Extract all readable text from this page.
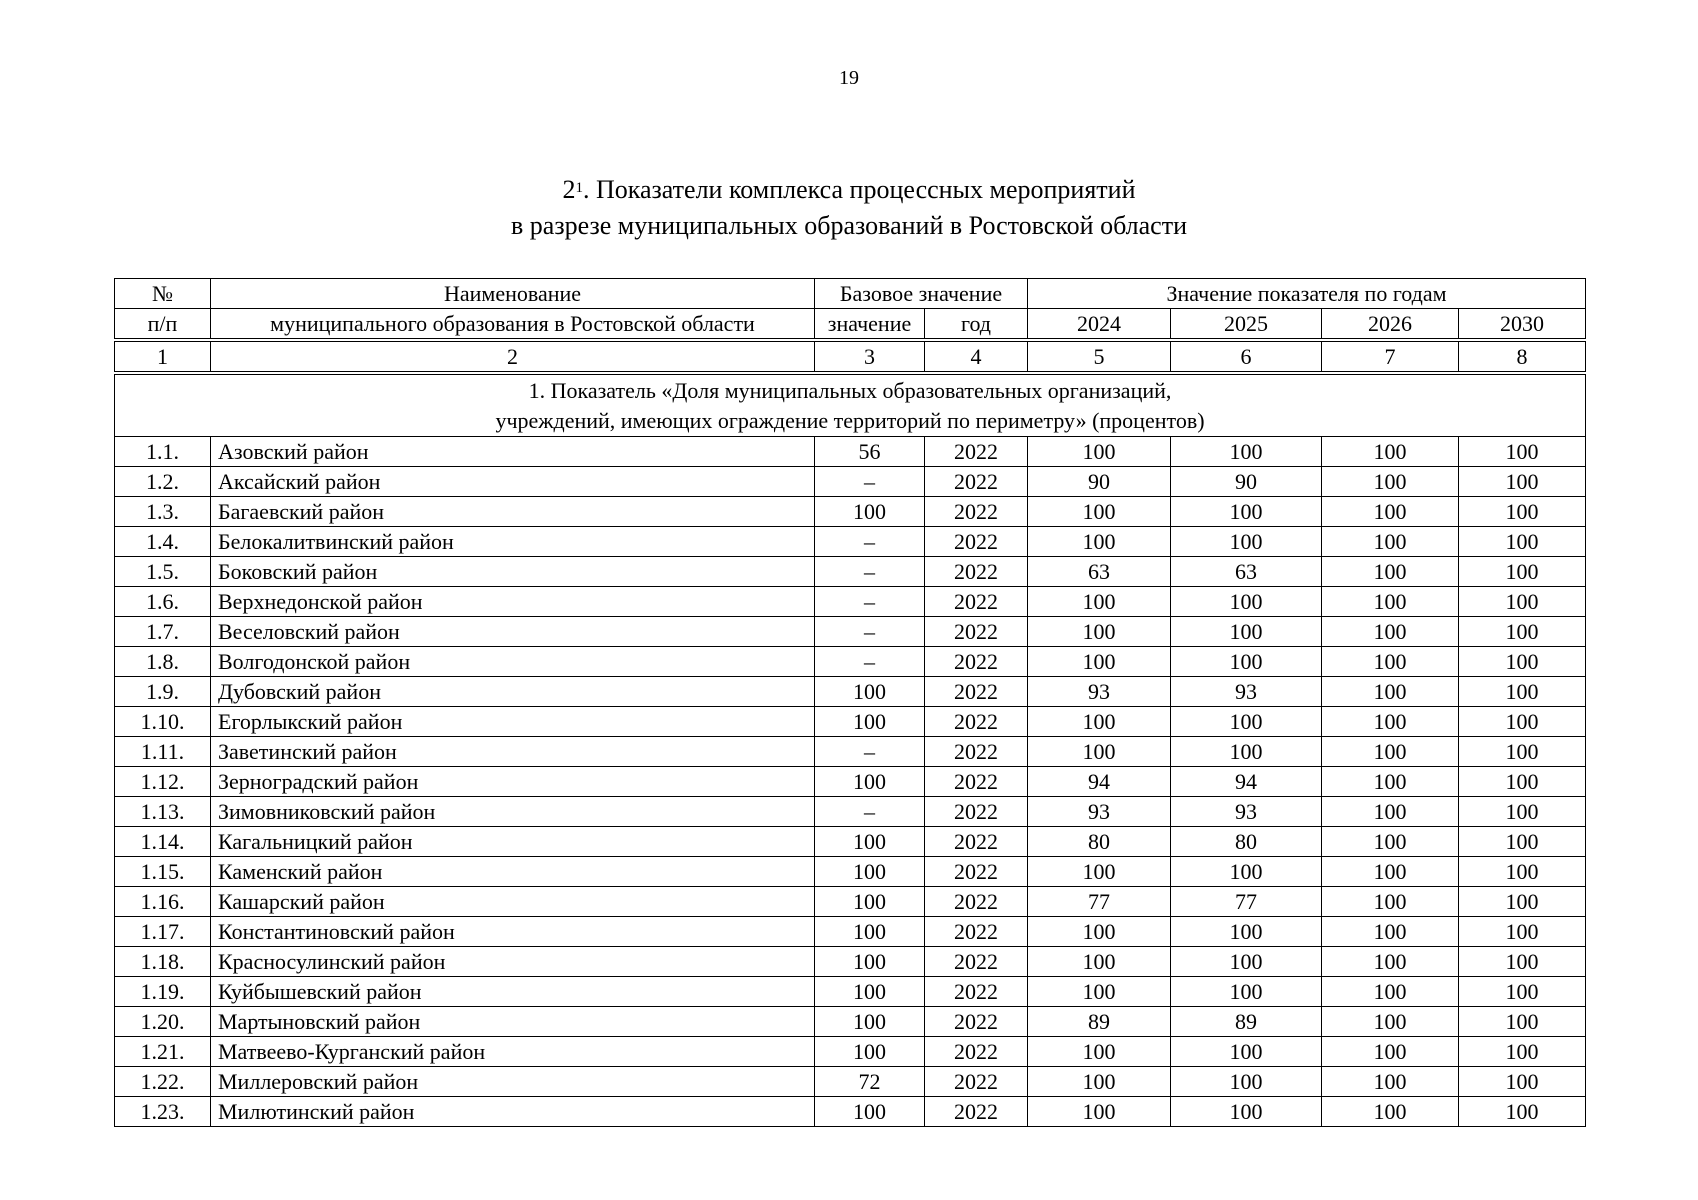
19
$2^1$. Показатели комплекса процессных мероприятий
в разрезе муниципальных образований в Ростовской области
№	Наименование	Базовое значение		Значение показателя по годам			
п/п	муниципального образования в Ростовской области	значение	год	2024	2025	2026	2030
1	2	3	4	5	6	7	8

1. Показатель «Доля муниципальных образовательных организаций,
учреждений, имеющих ограждение территорий по периметру» (процентов)							

1.1.	Азовский район	56	2022	100	100	100	100
1.2.	Аксайский район	–	2022	90	90	100	100
1.3.	Багаевский район	100	2022	100	100	100	100
1.4.	Белокалитвинский район	–	2022	100	100	100	100
1.5.	Боковский район	–	2022	63	63	100	100
1.6.	Верхнедонской район	–	2022	100	100	100	100
1.7.	Веселовский район	–	2022	100	100	100	100
1.8.	Волгодонской район	–	2022	100	100	100	100
1.9.	Дубовский район	100	2022	93	93	100	100
1.10.	Егорлыкский район	100	2022	100	100	100	100
1.11.	Заветинский район	–	2022	100	100	100	100
1.12.	Зерноградский район	100	2022	94	94	100	100
1.13.	Зимовниковский район	–	2022	93	93	100	100
1.14.	Кагальницкий район	100	2022	80	80	100	100
1.15.	Каменский район	100	2022	100	100	100	100
1.16.	Кашарский район	100	2022	77	77	100	100
1.17.	Константиновский район	100	2022	100	100	100	100
1.18.	Красносулинский район	100	2022	100	100	100	100
1.19.	Куйбышевский район	100	2022	100	100	100	100
1.20.	Мартыновский район	100	2022	89	89	100	100
1.21.	Матвеево-Курганский район	100	2022	100	100	100	100
1.22.	Миллеровский район	72	2022	100	100	100	100
1.23.	Милютинский район	100	2022	100	100	100	100
